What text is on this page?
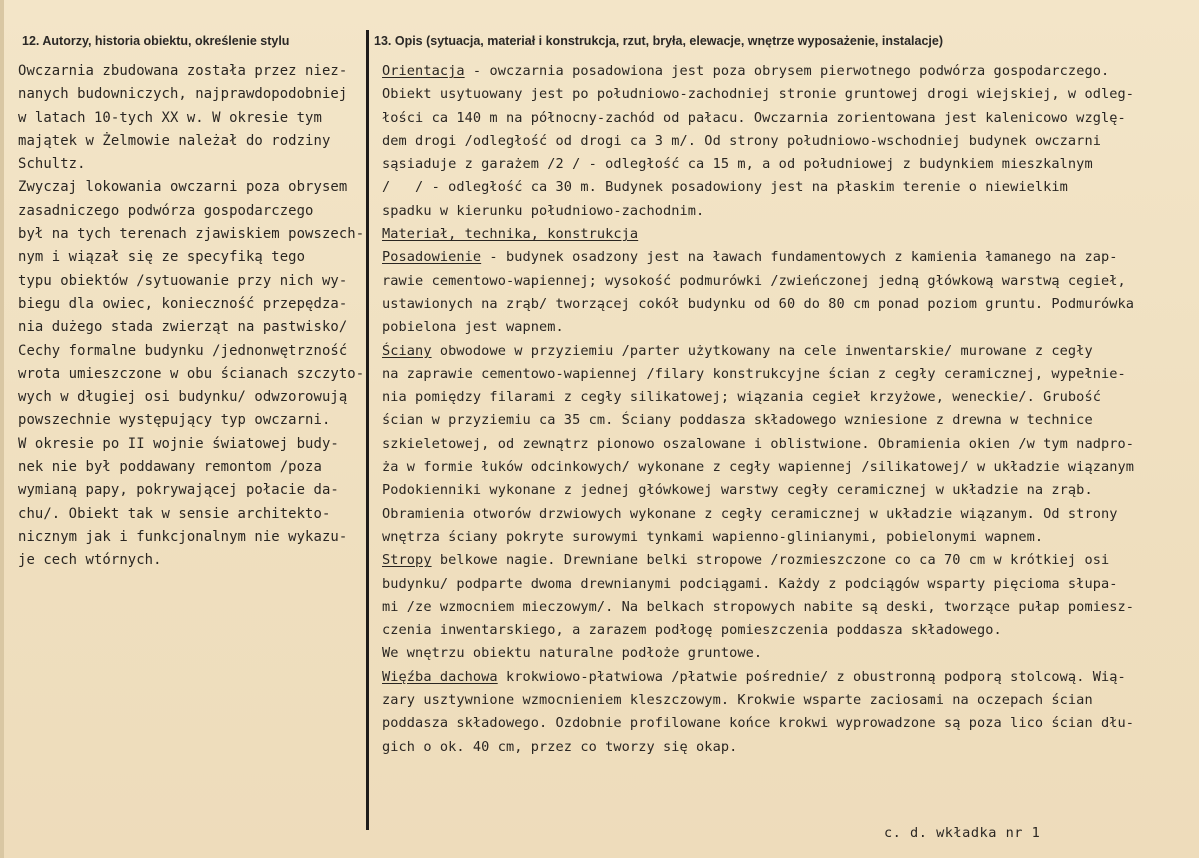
12. Autorzy, historia obiektu, określenie stylu	13. Opis (sytuacja, materiał i konstrukcja, rzut, bryła, elewacje, wnętrze wyposażenie, instalacje)
Owczarnia zbudowana została przez niez-
nanych budowniczych, najprawdopodobniej
w latach 10-tych XX w. W okresie tym
majątek w Żelmowie należał do rodziny
Schultz.
Zwyczaj lokowania owczarni poza obrysem
zasadniczego podwórza gospodarczego
był na tych terenach zjawiskiem powszech-
nym i wiązał się ze specyfiką tego
typu obiektów /sytuowanie przy nich wy-
biegu dla owiec, konieczność przepędza-
nia dużego stada zwierząt na pastwisko/
Cechy formalne budynku /jednonwętrzność
wrota umieszczone w obu ścianach szczyto-
wych w długiej osi budynku/ odwzorowują
powszechnie występujący typ owczarni.
W okresie po II wojnie światowej budy-
nek nie był poddawany remontom /poza
wymianą papy, pokrywającej połacie da-
chu/. Obiekt tak w sensie architekto-
nicznym jak i funkcjonalnym nie wykazu-
je cech wtórnych.
Orientacja - owczarnia posadowiona jest poza obrysem pierwotnego podwórza gospodarczego.
Obiekt usytuowany jest po południowo-zachodniej stronie gruntowej drogi wiejskiej, w odleg-
łości ca 140 m na północny-zachód od pałacu. Owczarnia zorientowana jest kalenicowo wzglę-
dem drogi /odległość od drogi ca 3 m/. Od strony południowo-wschodniej budynek owczarni
sąsiaduje z garażem /2 / - odległość ca 15 m, a od południowej z budynkiem mieszkalnym
/   / - odległość ca 30 m. Budynek posadowiony jest na płaskim terenie o niewielkim
spadku w kierunku południowo-zachodnim.
Materiał, technika, konstrukcja
Posadowienie - budynek osadzony jest na ławach fundamentowych z kamienia łamanego na zap-
rawie cementowo-wapiennej; wysokość podmurówki /zwieńczonej jedną główkową warstwą cegieł,
ustawionych na zrąb/ tworzącej cokół budynku od 60 do 80 cm ponad poziom gruntu. Podmurówka
pobielona jest wapnem.
Ściany obwodowe w przyziemiu /parter użytkowany na cele inwentarskie/ murowane z cegły
na zaprawie cementowo-wapiennej /filary konstrukcyjne ścian z cegły ceramicznej, wypełnie-
nia pomiędzy filarami z cegły silikatowej; wiązania cegieł krzyżowe, weneckie/. Grubość
ścian w przyziemiu ca 35 cm. Ściany poddasza składowego wzniesione z drewna w technice
szkieletowej, od zewnątrz pionowo oszalowane i oblistwione. Obramienia okien /w tym nadpro-
ża w formie łuków odcinkowych/ wykonane z cegły wapiennej /silikatowej/ w układzie wiązanym
Podokienniki wykonane z jednej główkowej warstwy cegły ceramicznej w układzie na zrąb.
Obramienia otworów drzwiowych wykonane z cegły ceramicznej w układzie wiązanym. Od strony
wnętrza ściany pokryte surowymi tynkami wapienno-glinianymi, pobielonymi wapnem.
Stropy belkowe nagie. Drewniane belki stropowe /rozmieszczone co ca 70 cm w krótkiej osi
budynku/ podparte dwoma drewnianymi podciągami. Każdy z podciągów wsparty pięcioma słupa-
mi /ze wzmocniem mieczowym/. Na belkach stropowych nabite są deski, tworzące pułap pomiesz-
czenia inwentarskiego, a zarazem podłogę pomieszczenia poddasza składowego.
We wnętrzu obiektu naturalne podłoże gruntowe.
Więźba dachowa krokwiowo-płatwiowa /płatwie pośrednie/ z obustronną podporą stolcową. Wią-
zary usztywnione wzmocnieniem kleszczowym. Krokwie wsparte zaciosami na oczepach ścian
poddasza składowego. Ozdobnie profilowane końce krokwi wyprowadzone są poza lico ścian dłu-
gich o ok. 40 cm, przez co tworzy się okap.
c. d. wkładka nr 1
